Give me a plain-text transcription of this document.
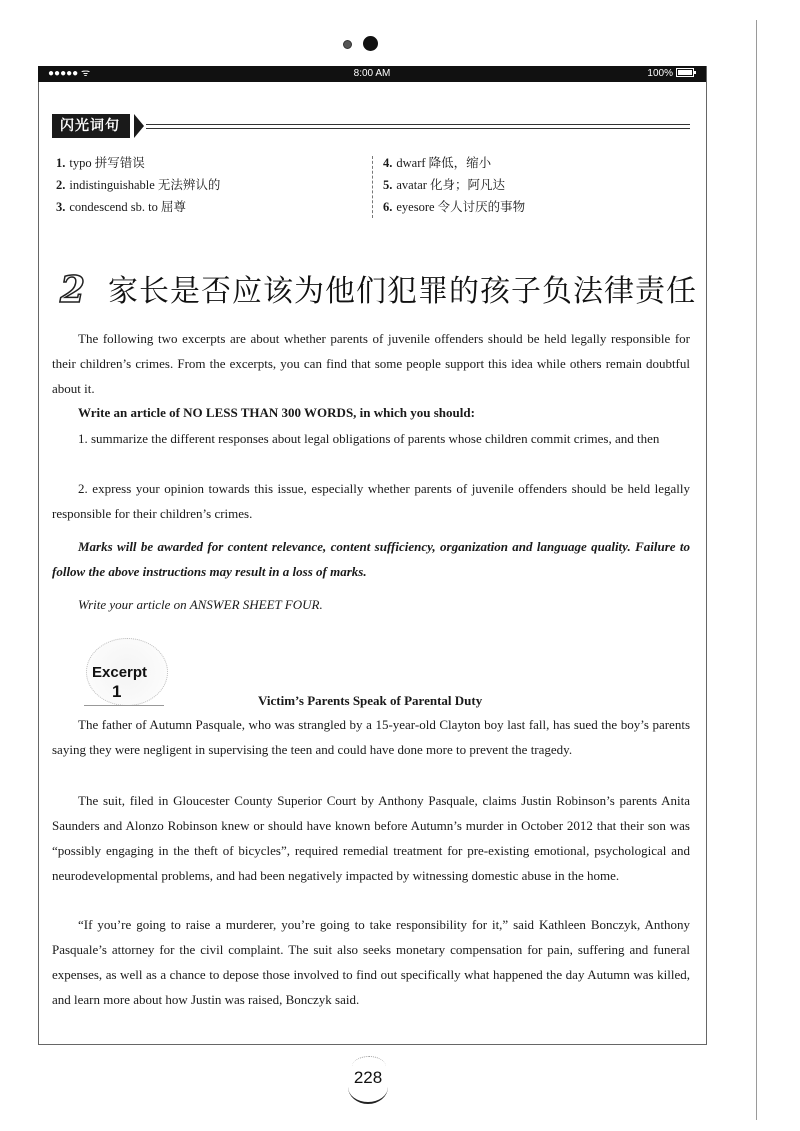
●●●●● ᯤ	8:00 AM	100%
闪光词句
1. typo 拼写错误
2. indistinguishable 无法辨认的
3. condescend sb. to 屈尊
4. dwarf 降低，缩小
5. avatar 化身；阿凡达
6. eyesore 令人讨厌的事物
2 家长是否应该为他们犯罪的孩子负法律责任

The following two excerpts are about whether parents of juvenile offenders should be held legally responsible for their children’s crimes. From the excerpts, you can find that some people support this idea while others remain doubtful about it.

Write an article of NO LESS THAN 300 WORDS, in which you should:

1. summarize the different responses about legal obligations of parents whose children commit crimes, and then

2. express your opinion towards this issue, especially whether parents of juvenile offenders should be held legally responsible for their children’s crimes.

Marks will be awarded for content relevance, content sufficiency, organization and language quality. Failure to follow the above instructions may result in a loss of marks.

Write your article on ANSWER SHEET FOUR.

Excerpt
1	Victim’s Parents Speak of Parental Duty

The father of Autumn Pasquale, who was strangled by a 15-year-old Clayton boy last fall, has sued the boy’s parents saying they were negligent in supervising the teen and could have done more to prevent the tragedy.

The suit, filed in Gloucester County Superior Court by Anthony Pasquale, claims Justin Robinson’s parents Anita Saunders and Alonzo Robinson knew or should have known before Autumn’s murder in October 2012 that their son was “possibly engaging in the theft of bicycles”, required remedial treatment for pre-existing emotional, psychological and neurodevelopmental problems, and had been negatively impacted by witnessing domestic abuse in the home.

“If you’re going to raise a murderer, you’re going to take responsibility for it,” said Kathleen Bonczyk, Anthony Pasquale’s attorney for the civil complaint. The suit also seeks monetary compensation for pain, suffering and funeral expenses, as well as a chance to depose those involved to find out specifically what happened the day Autumn was killed, and learn more about how Justin was raised, Bonczyk said.

228
